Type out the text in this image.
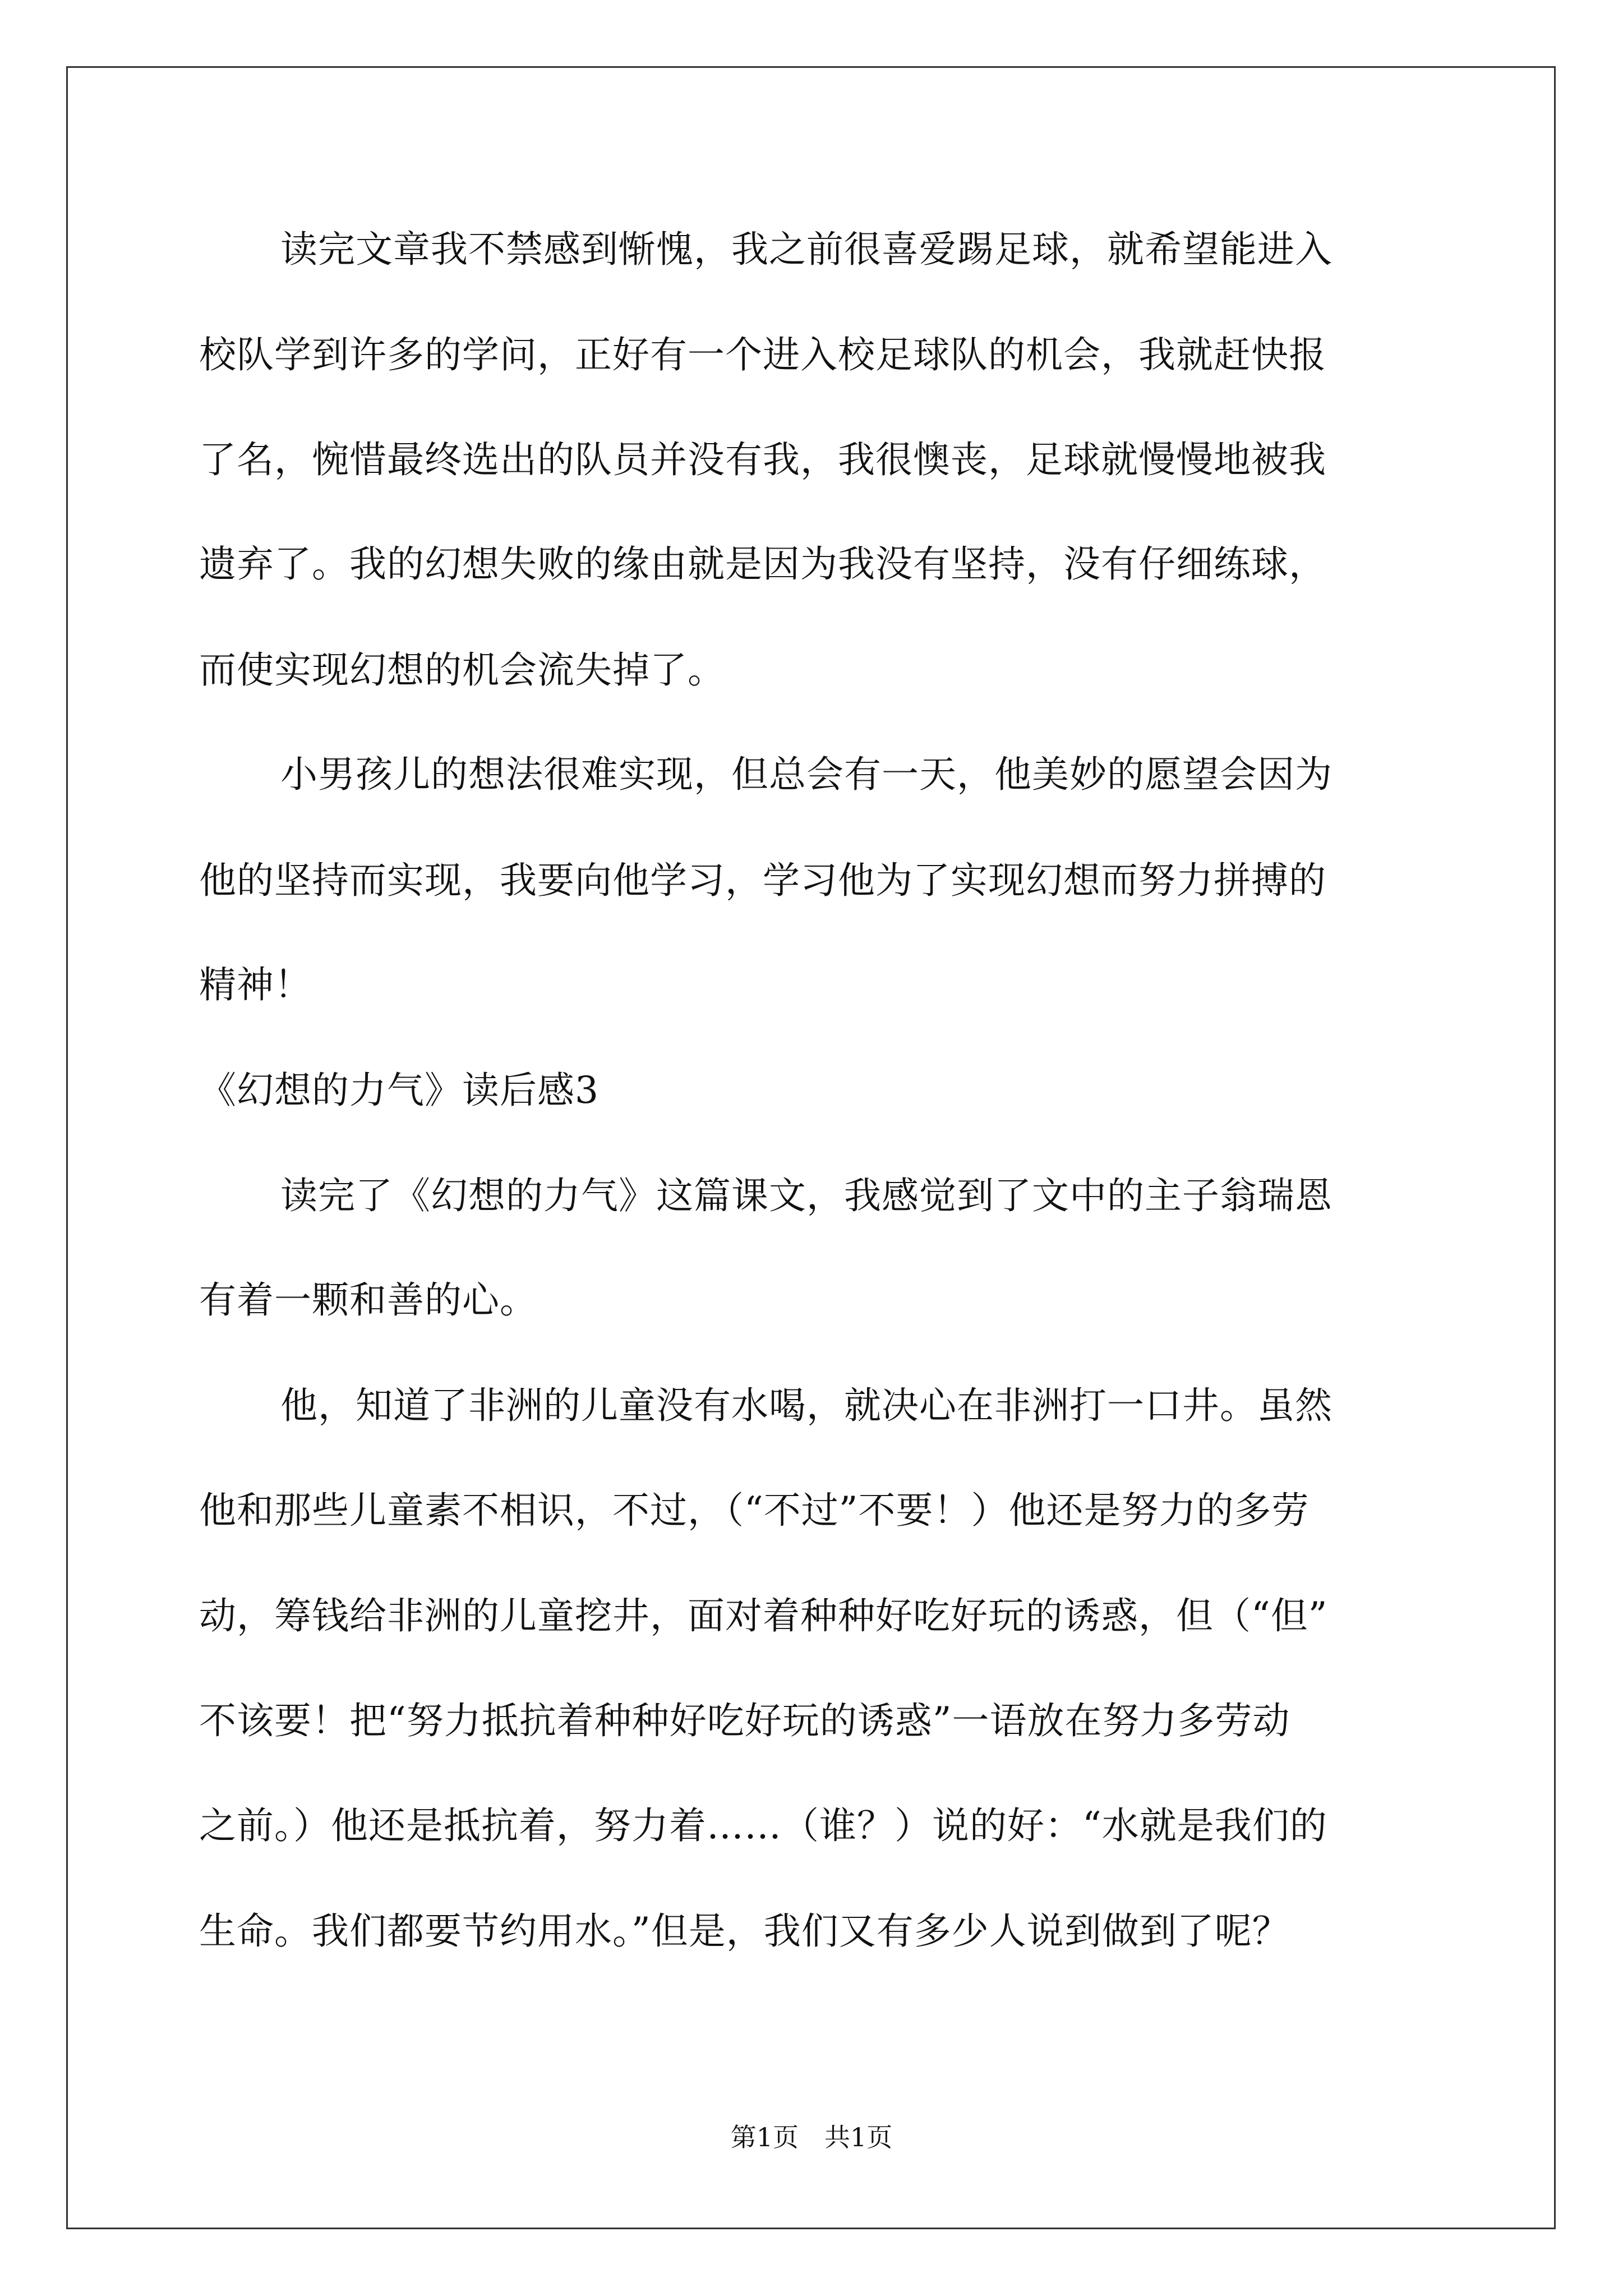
读完文章我不禁感到惭愧，我之前很喜爱踢足球，就希望能进入
校队学到许多的学问，正好有一个进入校足球队的机会，我就赶快报
了名，惋惜最终选出的队员并没有我，我很懊丧，足球就慢慢地被我
遗弃了。我的幻想失败的缘由就是因为我没有坚持，没有仔细练球，
而使实现幻想的机会流失掉了。
小男孩儿的想法很难实现，但总会有一天，他美妙的愿望会因为
他的坚持而实现，我要向他学习，学习他为了实现幻想而努力拼搏的
精神！
《幻想的力气》读后感3
读完了《幻想的力气》这篇课文，我感觉到了文中的主子翁瑞恩
有着一颗和善的心。
他，知道了非洲的儿童没有水喝，就决心在非洲打一口井。虽然
他和那些儿童素不相识，不过，（“不过”不要！）他还是努力的多劳
动，筹钱给非洲的儿童挖井，面对着种种好吃好玩的诱惑，但（“但”
不该要！把“努力抵抗着种种好吃好玩的诱惑”一语放在努力多劳动
之前。）他还是抵抗着，努力着……（谁？）说的好：“水就是我们的
生命。我们都要节约用水。”但是，我们又有多少人说到做到了呢？
第1页　共1页
